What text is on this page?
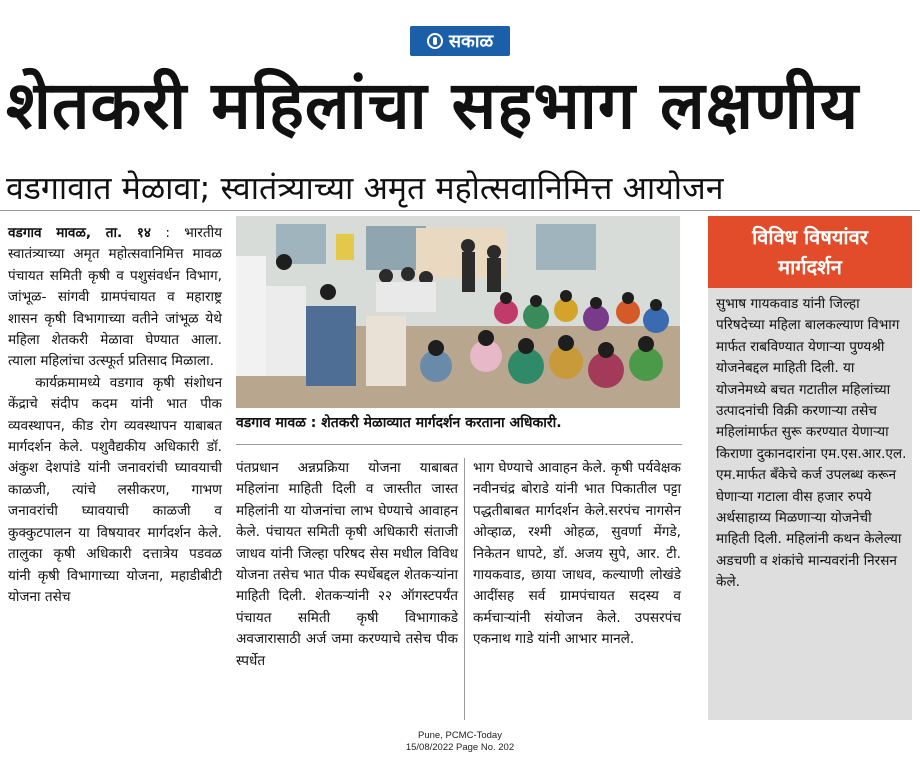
सकाळ
शेतकरी महिलांचा सहभाग लक्षणीय
वडगावात मेळावा; स्वातंत्र्याच्या अमृत महोत्सवानिमित्त आयोजन

वडगाव मावळ, ता. १४ : भारतीय स्वातंत्र्याच्या अमृत महोत्सवानिमित्त मावळ पंचायत समिती कृषी व पशुसंवर्धन विभाग, जांभूळ- सांगवी ग्रामपंचायत व महाराष्ट्र शासन कृषी विभागाच्या वतीने जांभूळ येथे महिला शेतकरी मेळावा घेण्यात आला. त्याला महिलांचा उत्स्फूर्त प्रतिसाद मिळाला.

कार्यक्रमामध्ये वडगाव कृषी संशोधन केंद्राचे संदीप कदम यांनी भात पीक व्यवस्थापन, कीड रोग व्यवस्थापन याबाबत मार्गदर्शन केले. पशुवैद्यकीय अधिकारी डॉ. अंकुश देशपांडे यांनी जनावरांची घ्यावयाची काळजी, त्यांचे लसीकरण, गाभण जनावरांची घ्यावयाची काळजी व कुक्कुटपालन या विषयावर मार्गदर्शन केले. तालुका कृषी अधिकारी दत्तात्रेय पडवळ यांनी कृषी विभागाच्या योजना, महाडीबीटी योजना तसेच

वडगाव मावळ : शेतकरी मेळाव्यात मार्गदर्शन करताना अधिकारी.
पंतप्रधान अन्नप्रक्रिया योजना याबाबत महिलांना माहिती दिली व जास्तीत जास्त महिलांनी या योजनांचा लाभ घेण्याचे आवाहन केले. पंचायत समिती कृषी अधिकारी संताजी जाधव यांनी जिल्हा परिषद सेस मधील विविध योजना तसेच भात पीक स्पर्धेबद्दल शेतकऱ्यांना माहिती दिली. शेतकऱ्यांनी २२ ऑगस्टपर्यंत पंचायत समिती कृषी विभागाकडे अवजारासाठी अर्ज जमा करण्याचे तसेच पीक स्पर्धेत
भाग घेण्याचे आवाहन केले. कृषी पर्यवेक्षक नवीनचंद्र बोराडे यांनी भात पिकातील पट्टा पद्धतीबाबत मार्गदर्शन केले.सरपंच नागसेन ओव्हाळ, रश्मी ओहळ, सुवर्णा मेंगडे, निकेतन धापटे, डॉ. अजय सुपे, आर. टी. गायकवाड, छाया जाधव, कल्याणी लोखंडे आदींसह सर्व ग्रामपंचायत सदस्य व कर्मचाऱ्यांनी संयोजन केले. उपसरपंच एकनाथ गाडे यांनी आभार मानले.
विविध विषयांवर
मार्गदर्शन
सुभाष गायकवाड यांनी जिल्हा परिषदेच्या महिला बालकल्याण विभाग मार्फत राबविण्यात येणाऱ्या पुण्यश्री योजनेबद्दल माहिती दिली. या योजनेमध्ये बचत गटातील महिलांच्या उत्पादनांची विक्री करणाऱ्या तसेच महिलांमार्फत सुरू करण्यात येणाऱ्या किराणा दुकानदारांना एम.एस.आर.एल. एम.मार्फत बँकेचे कर्ज उपलब्ध करून घेणाऱ्या गटाला वीस हजार रुपये अर्थसाहाय्य मिळणाऱ्या योजनेची माहिती दिली. महिलांनी कथन केलेल्या अडचणी व शंकांचे मान्यवरांनी निरसन केले.
Pune, PCMC-Today
15/08/2022 Page No. 202
